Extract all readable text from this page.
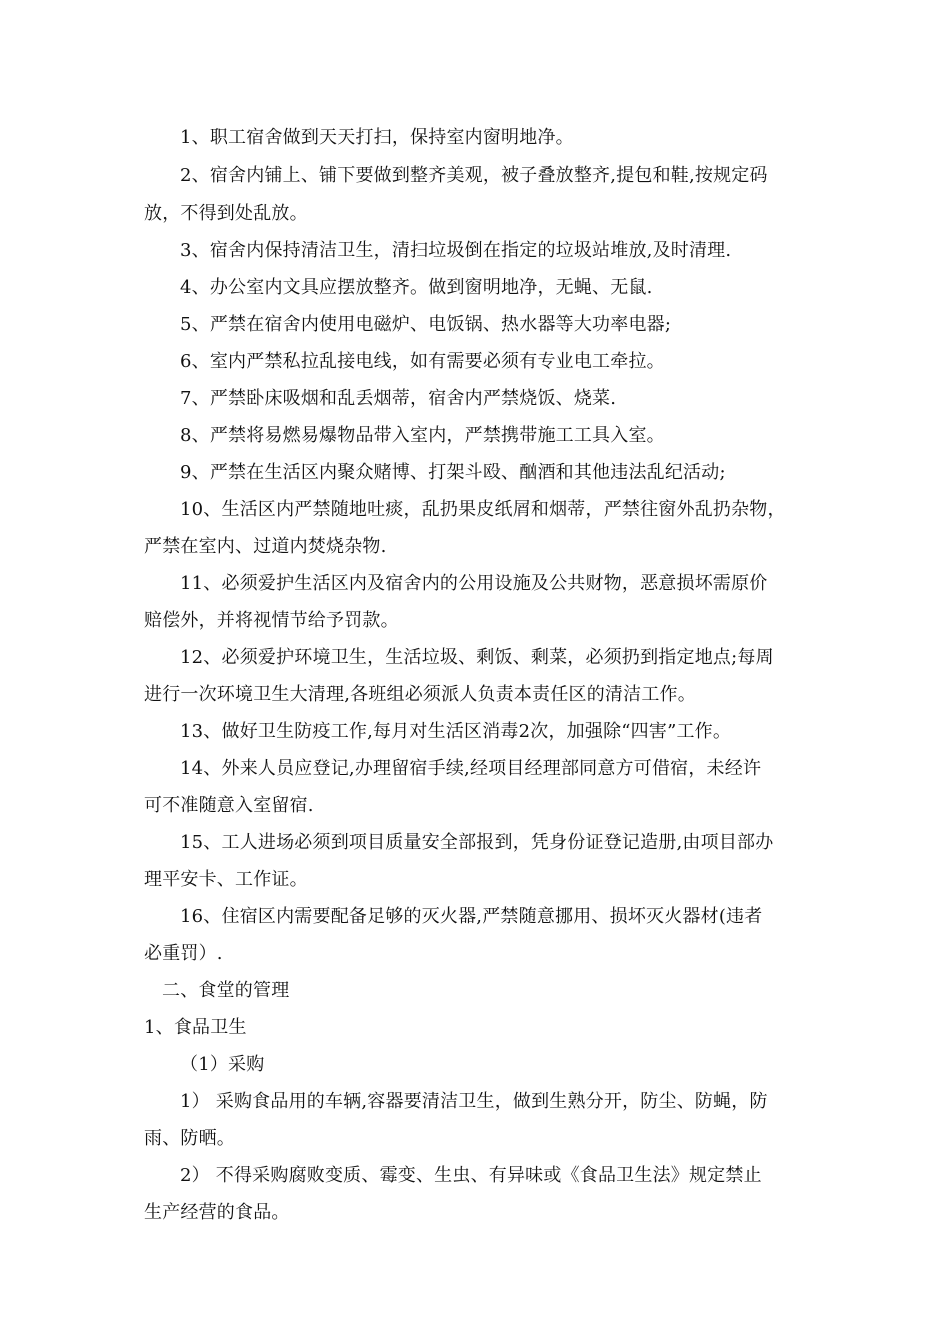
1、职工宿舍做到天天打扫，保持室内窗明地净。
2、宿舍内铺上、铺下要做到整齐美观，被子叠放整齐,提包和鞋,按规定码
放，不得到处乱放。
3、宿舍内保持清洁卫生，清扫垃圾倒在指定的垃圾站堆放,及时清理.
4、办公室内文具应摆放整齐。做到窗明地净，无蝇、无鼠.
5、严禁在宿舍内使用电磁炉、电饭锅、热水器等大功率电器;
6、室内严禁私拉乱接电线，如有需要必须有专业电工牵拉。
7、严禁卧床吸烟和乱丢烟蒂，宿舍内严禁烧饭、烧菜.
8、严禁将易燃易爆物品带入室内，严禁携带施工工具入室。
9、严禁在生活区内聚众赌博、打架斗殴、酗酒和其他违法乱纪活动;
10、生活区内严禁随地吐痰，乱扔果皮纸屑和烟蒂，严禁往窗外乱扔杂物，
严禁在室内、过道内焚烧杂物.
11、必须爱护生活区内及宿舍内的公用设施及公共财物，恶意损坏需原价
赔偿外，并将视情节给予罚款。
12、必须爱护环境卫生，生活垃圾、剩饭、剩菜，必须扔到指定地点;每周
进行一次环境卫生大清理,各班组必须派人负责本责任区的清洁工作。
13、做好卫生防疫工作,每月对生活区消毒2次，加强除“四害”工作。
14、外来人员应登记,办理留宿手续,经项目经理部同意方可借宿，未经许
可不准随意入室留宿.
15、工人进场必须到项目质量安全部报到，凭身份证登记造册,由项目部办
理平安卡、工作证。
16、住宿区内需要配备足够的灭火器,严禁随意挪用、损坏灭火器材(违者
必重罚）.
二、食堂的管理
1、食品卫生
（1）采购
1） 采购食品用的车辆,容器要清洁卫生，做到生熟分开，防尘、防蝇，防
雨、防晒。
2） 不得采购腐败变质、霉变、生虫、有异味或《食品卫生法》规定禁止
生产经营的食品。
